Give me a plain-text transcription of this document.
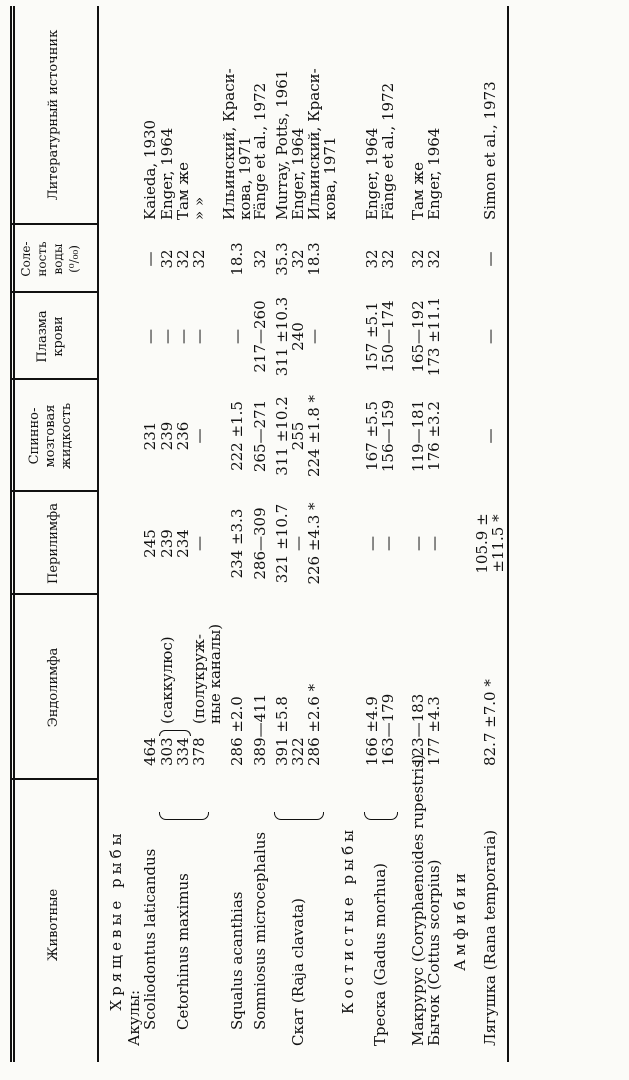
Животные
Эндолимфа
Перилимфа
Спинно- мозговая жидкость
Плазма крови
Соле- ность воды (⁰/₀₀)
Литературный источник
Хрящевые рыбы
Акулы:
Scoliodontus laticandus
464
245
231
—
—
Kaieda, 1930
Cetorhinus maximus
303
334
378
(саккулюс) (полукруж-
ные каналы)
239
234
—
239
236
—
—
—
—
32
32
32
Enger, 1964
Там же
» »
Squalus acanthias
286 ±2.0
234 ±3.3
222 ±1.5
—
18.3
Ильинский, Краси-
кова, 1971
Somniosus microcephalus
389—411
286—309
265—271
217—260
32
Fänge et al., 1972
Скат (Raja clavata)
391 ±5.8
322
286 ±2.6 *
321 ±10.7
—
226 ±4.3 *
311 ±10.2
255
224 ±1.8 *
311 ±10.3
240
—
35.3
32
18.3
Murray, Potts, 1961
Enger, 1964
Ильинский, Краси-
кова, 1971
Костистые рыбы Треска (Gadus morhua)
166 ±4.9
163—179
—
—
167 ±5.5
156—159
157 ±5.1
150—174
32
32
Enger, 1964
Fänge et al., 1972
Макрурус (Coryphaenoides rupestris)
123—183
—
119—181
165—192
32
Там же
Бычок (Cottus scorpius)
177 ±4.3
—
176 ±3.2
173 ±11.1
32
Enger, 1964
Амфибии Лягушка (Rana temporaria)
82.7 ±7.0 *
105.9 ±
±11.5 *
—
—
—
Simon et al., 1973
